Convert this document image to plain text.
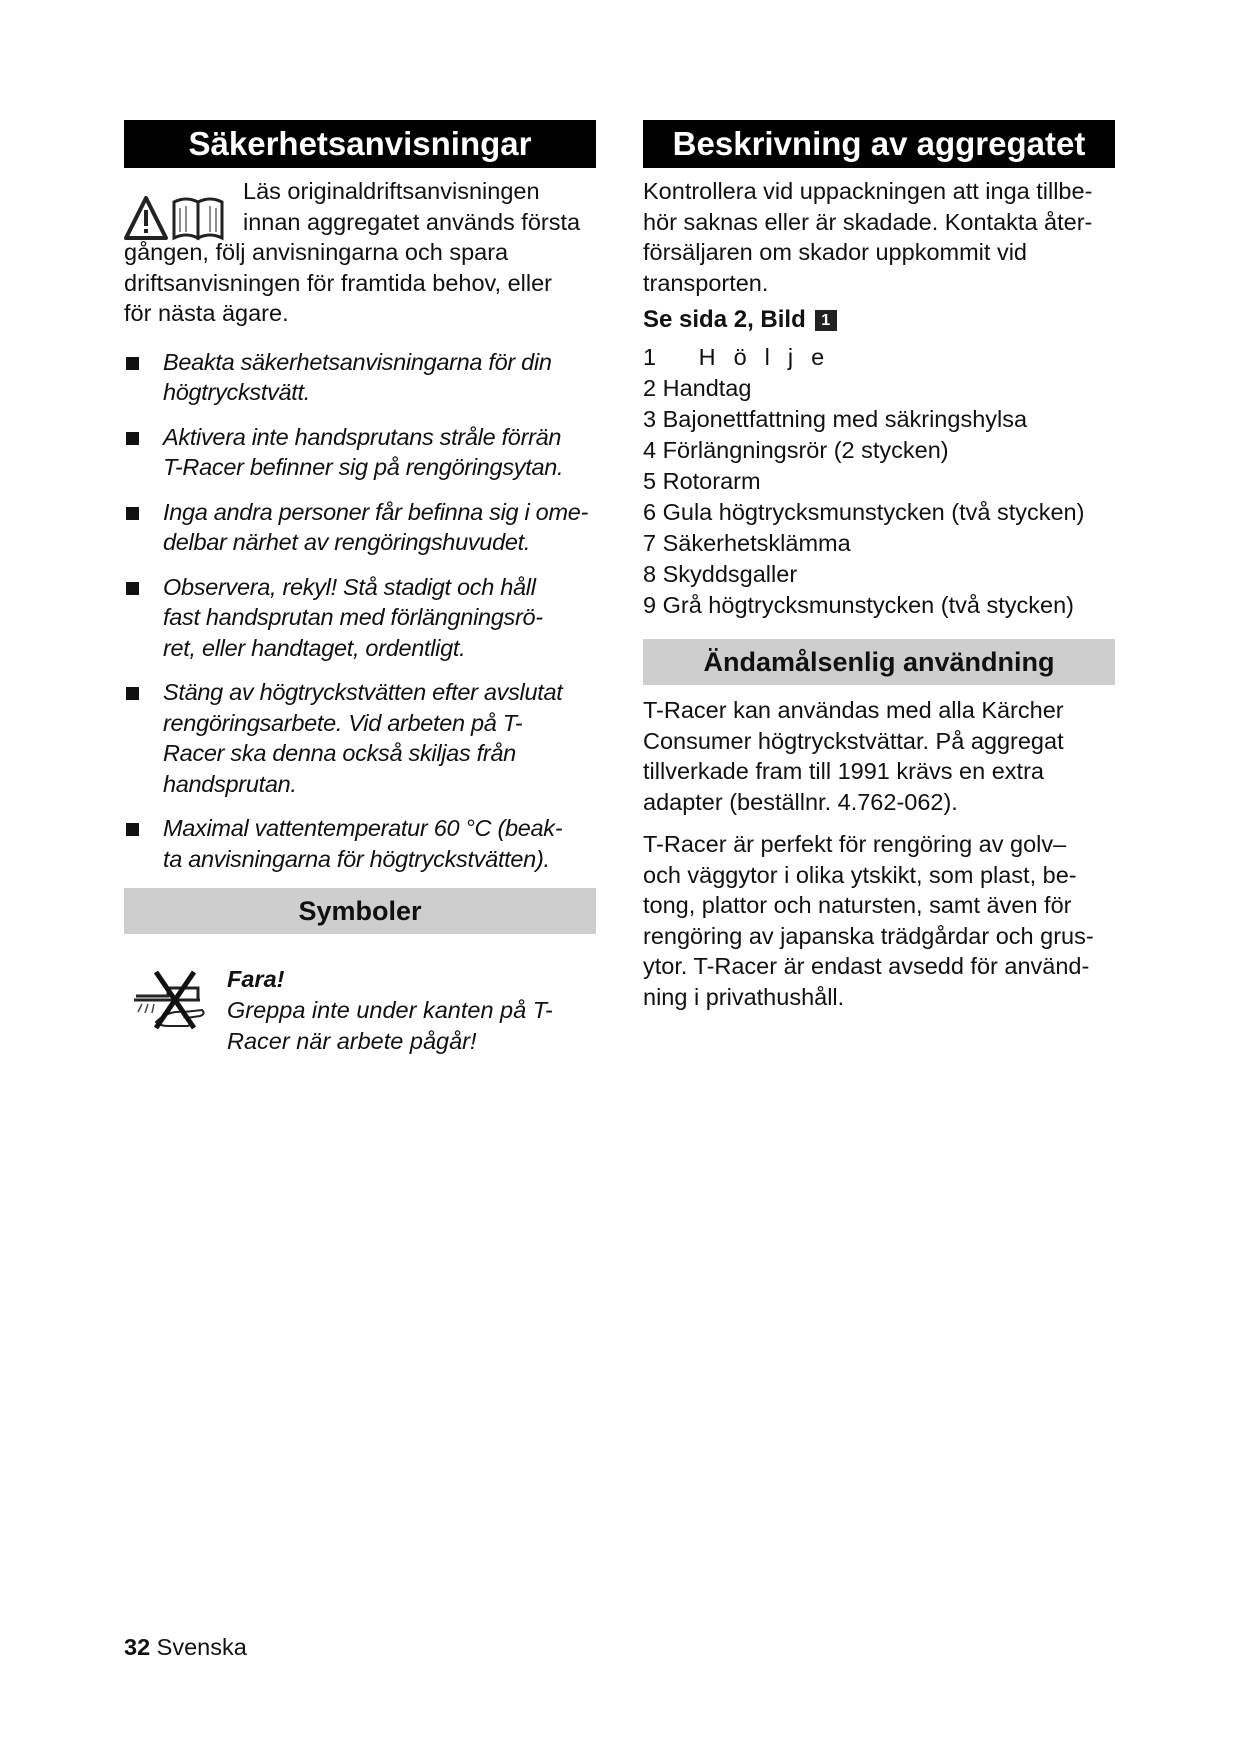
Säkerhetsanvisningar

Läs originaldriftsanvisningen

innan aggregatet används första

gången, följ anvisningarna och spara

driftsanvisningen för framtida behov, eller

för nästa ägare.

Beakta säkerhetsanvisningarna för din
högtryckstvätt.
Aktivera inte handsprutans stråle förrän
T-Racer befinner sig på rengöringsytan.
Inga andra personer får befinna sig i ome-
delbar närhet av rengöringshuvudet.
Observera, rekyl! Stå stadigt och håll
fast handsprutan med förlängningsrö-
ret, eller handtaget, ordentligt.
Stäng av högtryckstvätten efter avslutat
rengöringsarbete. Vid arbeten på T-
Racer ska denna också skiljas från
handsprutan.
Maximal vattentemperatur 60 °C (beak-
ta anvisningarna för högtryckstvätten).
Symboler
Fara!
Greppa inte under kanten på T-
Racer när arbete pågår!
Beskrivning av aggregatet

Kontrollera vid uppackningen att inga tillbe-

hör saknas eller är skadade. Kontakta åter-

försäljaren om skador uppkommit vid

transporten.

Se sida 2, Bild 1
1 Hölje
2 Handtag
3 Bajonettfattning med säkringshylsa
4 Förlängningsrör (2 stycken)
5 Rotorarm
6 Gula högtrycksmunstycken (två stycken)
7 Säkerhetsklämma
8 Skyddsgaller
9 Grå högtrycksmunstycken (två stycken)
Ändamålsenlig användning

T-Racer kan användas med alla Kärcher

Consumer högtryckstvättar. På aggregat

tillverkade fram till 1991 krävs en extra

adapter (beställnr. 4.762-062).

T-Racer är perfekt för rengöring av golv–

och väggytor i olika ytskikt, som plast, be-

tong, plattor och natursten, samt även för

rengöring av japanska trädgårdar och grus-

ytor. T-Racer är endast avsedd för använd-

ning i privathushåll.

32 Svenska
